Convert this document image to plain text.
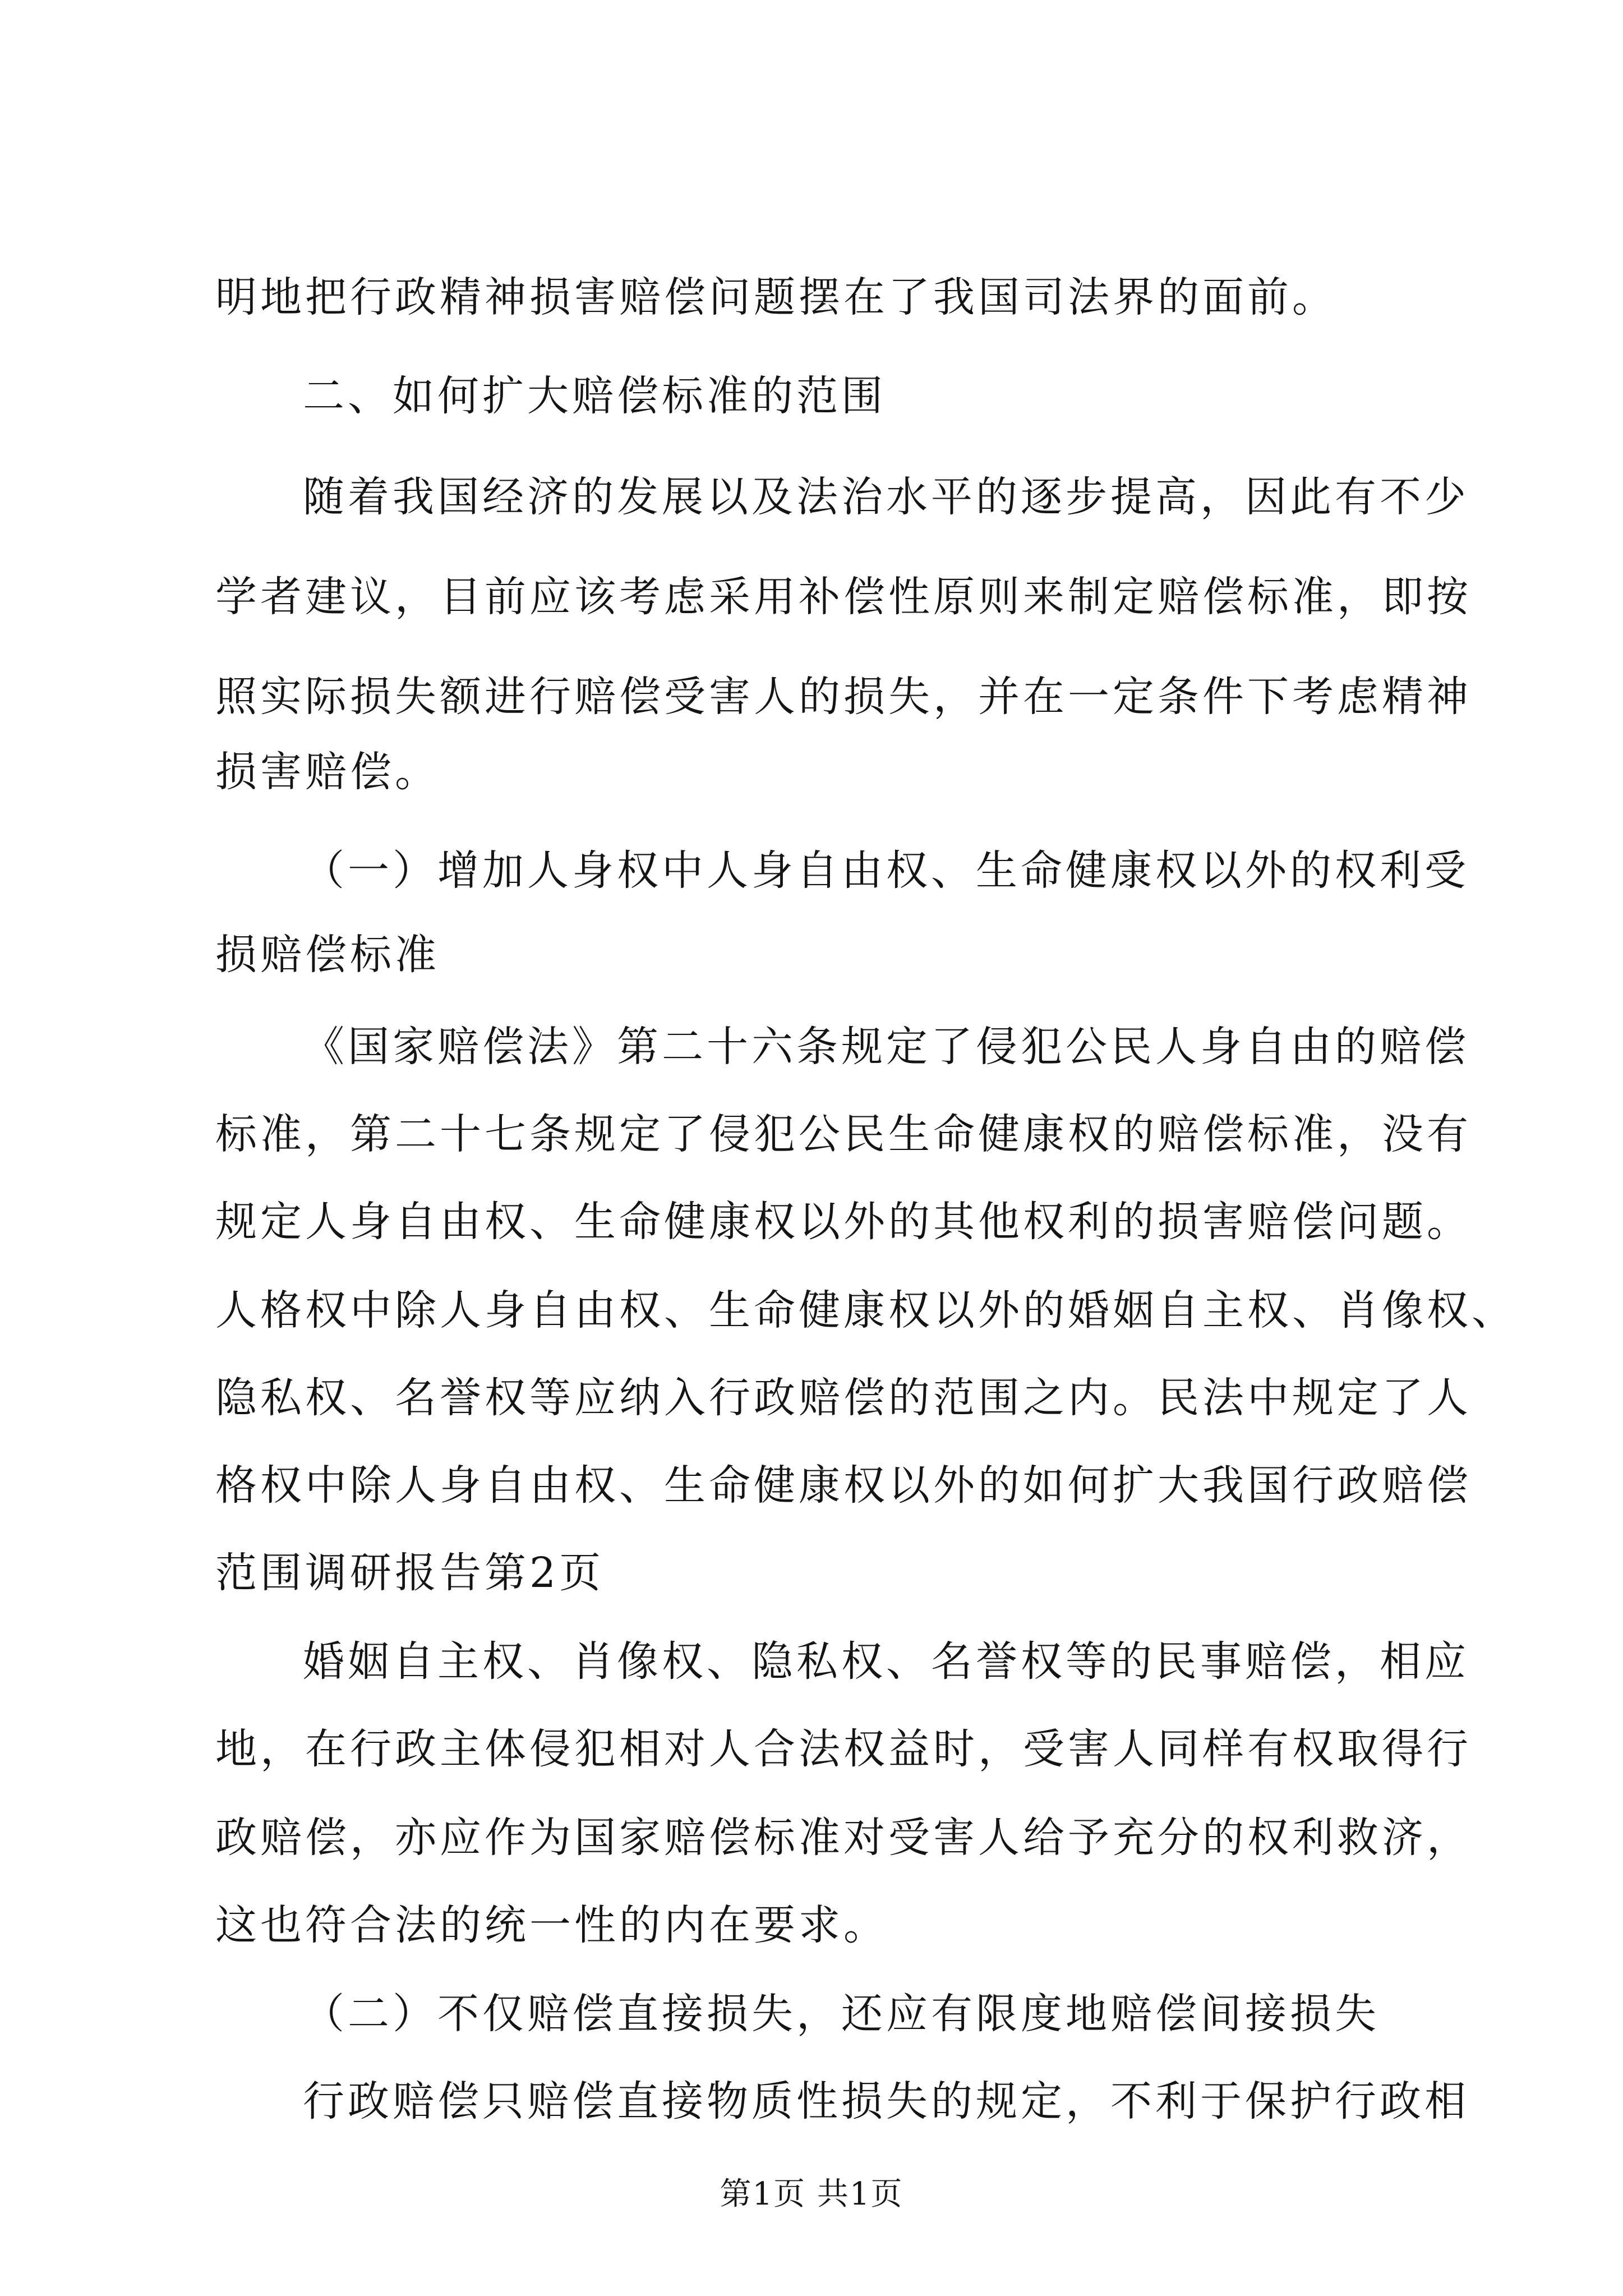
明地把行政精神损害赔偿问题摆在了我国司法界的面前。
二、如何扩大赔偿标准的范围
随着我国经济的发展以及法治水平的逐步提高，因此有不少
学者建议，目前应该考虑采用补偿性原则来制定赔偿标准，即按
照实际损失额进行赔偿受害人的损失，并在一定条件下考虑精神
损害赔偿。
（一）增加人身权中人身自由权、生命健康权以外的权利受
损赔偿标准
《国家赔偿法》第二十六条规定了侵犯公民人身自由的赔偿
标准，第二十七条规定了侵犯公民生命健康权的赔偿标准，没有
规定人身自由权、生命健康权以外的其他权利的损害赔偿问题。
人格权中除人身自由权、生命健康权以外的婚姻自主权、肖像权、
隐私权、名誉权等应纳入行政赔偿的范围之内。民法中规定了人
格权中除人身自由权、生命健康权以外的如何扩大我国行政赔偿
范围调研报告第2页
婚姻自主权、肖像权、隐私权、名誉权等的民事赔偿，相应
地，在行政主体侵犯相对人合法权益时，受害人同样有权取得行
政赔偿，亦应作为国家赔偿标准对受害人给予充分的权利救济，
这也符合法的统一性的内在要求。
（二）不仅赔偿直接损失，还应有限度地赔偿间接损失
行政赔偿只赔偿直接物质性损失的规定，不利于保护行政相
第1页 共1页
